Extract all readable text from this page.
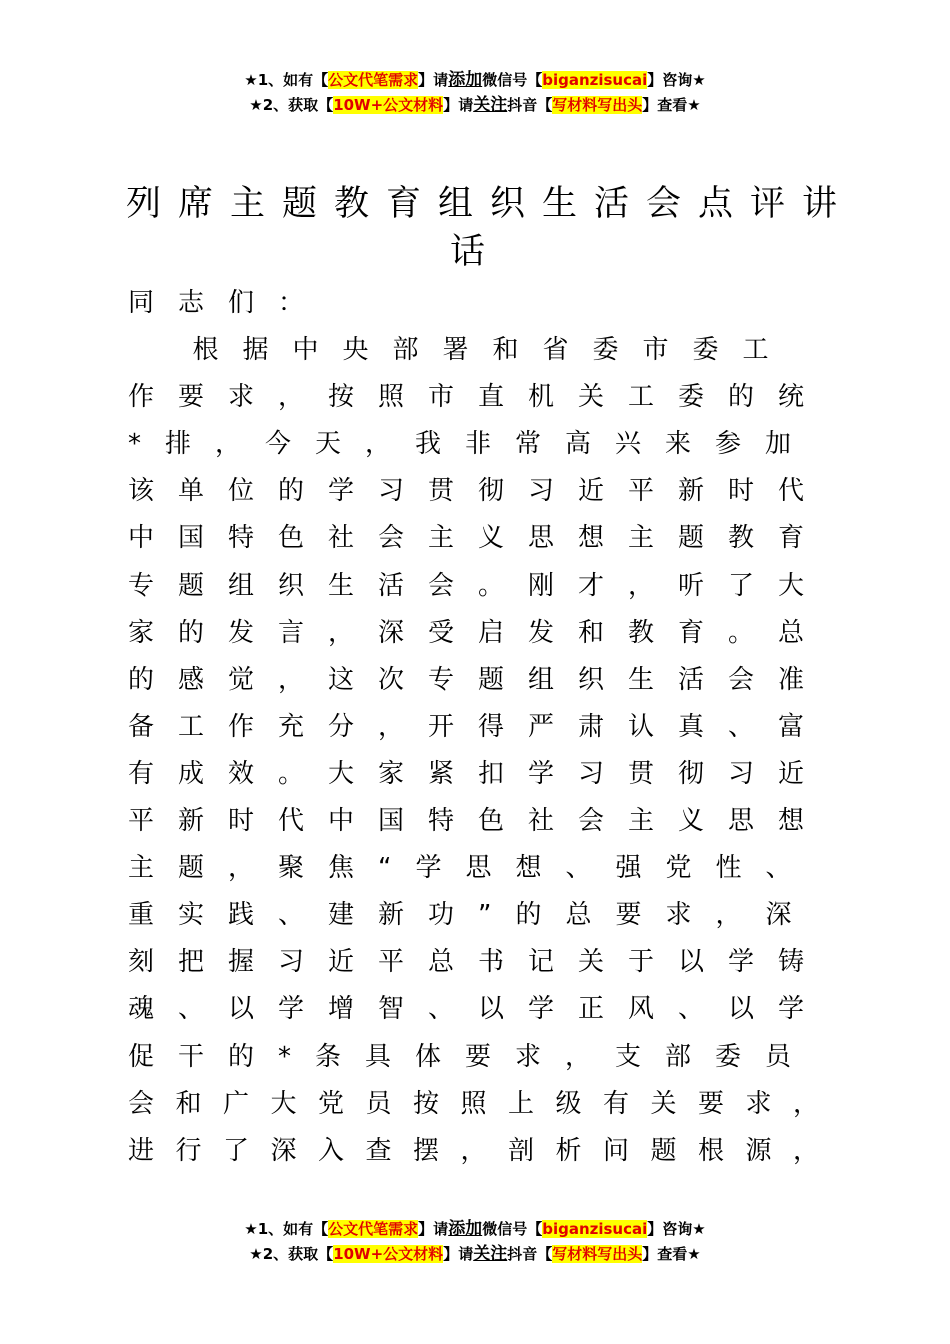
★1、如有【公文代笔需求】请添加微信号【biganzisucai】咨询★
★2、获取【10W+公文材料】请关注抖音【写材料写出头】查看★
列席主题教育组织生活会点评讲
话
同志们：
根据中央部署和省委市委工
作要求，按照市直机关工委的统
*排，今天，我非常高兴来参加
该单位的学习贯彻习近平新时代
中国特色社会主义思想主题教育
专题组织生活会。刚才，听了大
家的发言，深受启发和教育。总
的感觉，这次专题组织生活会准
备工作充分，开得严肃认真、富
有成效。大家紧扣学习贯彻习近
平新时代中国特色社会主义思想
主题，聚焦“学思想、强党性、
重实践、建新功”的总要求，深
刻把握习近平总书记关于以学铸
魂、以学增智、以学正风、以学
促干的*条具体要求，支部委员
会和广大党员按照上级有关要求，
进行了深入查摆，剖析问题根源，
★1、如有【公文代笔需求】请添加微信号【biganzisucai】咨询★
★2、获取【10W+公文材料】请关注抖音【写材料写出头】查看★
